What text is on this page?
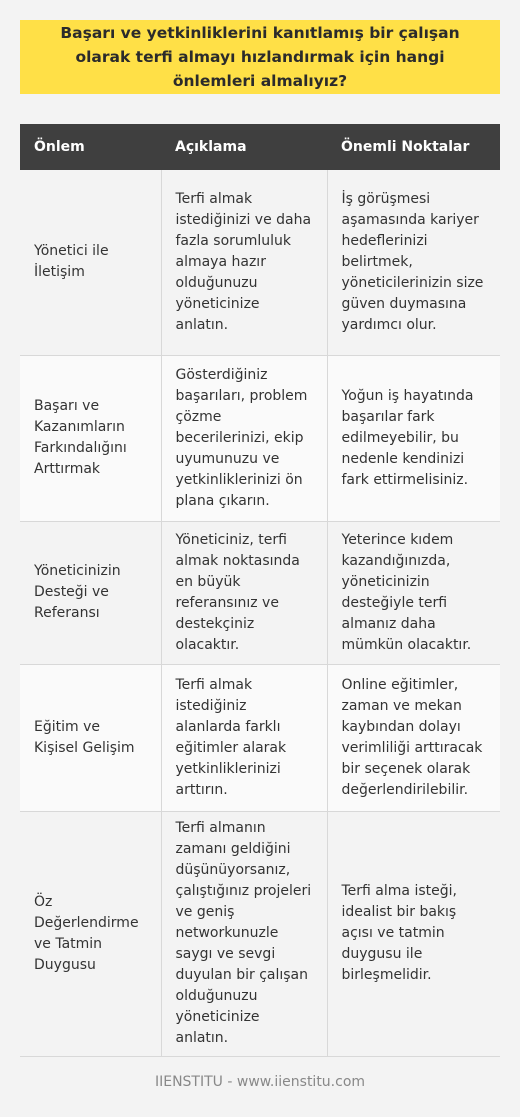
Başarı ve yetkinliklerini kanıtlamış bir çalışan olarak terfi almayı hızlandırmak için hangi önlemleri almalıyız?
Önlem	Açıklama	Önemli Noktalar
Yönetici ile İletişim	Terfi almak istediğinizi ve daha fazla sorumluluk almaya hazır olduğunuzu yöneticinize anlatın.	İş görüşmesi aşamasında kariyer hedeflerinizi belirtmek, yöneticilerinizin size güven duymasına yardımcı olur.
Başarı ve Kazanımların Farkındalığını Arttırmak	Gösterdiğiniz başarıları, problem çözme becerilerinizi, ekip uyumunuzu ve yetkinliklerinizi ön plana çıkarın.	Yoğun iş hayatında başarılar fark edilmeyebilir, bu nedenle kendinizi fark ettirmelisiniz.
Yöneticinizin Desteği ve Referansı	Yöneticiniz, terfi almak noktasında en büyük referansınız ve destekçiniz olacaktır.	Yeterince kıdem kazandığınızda, yöneticinizin desteğiyle terfi almanız daha mümkün olacaktır.
Eğitim ve Kişisel Gelişim	Terfi almak istediğiniz alanlarda farklı eğitimler alarak yetkinliklerinizi arttırın.	Online eğitimler, zaman ve mekan kaybından dolayı verimliliği arttıracak bir seçenek olarak değerlendirilebilir.
Öz Değerlendirme ve Tatmin Duygusu	Terfi almanın zamanı geldiğini düşünüyorsanız, çalıştığınız projeleri ve geniş networkunuzle saygı ve sevgi duyulan bir çalışan olduğunuzu yöneticinize anlatın.	Terfi alma isteği, idealist bir bakış açısı ve tatmin duygusu ile birleşmelidir.
IIENSTITU - www.iienstitu.com
